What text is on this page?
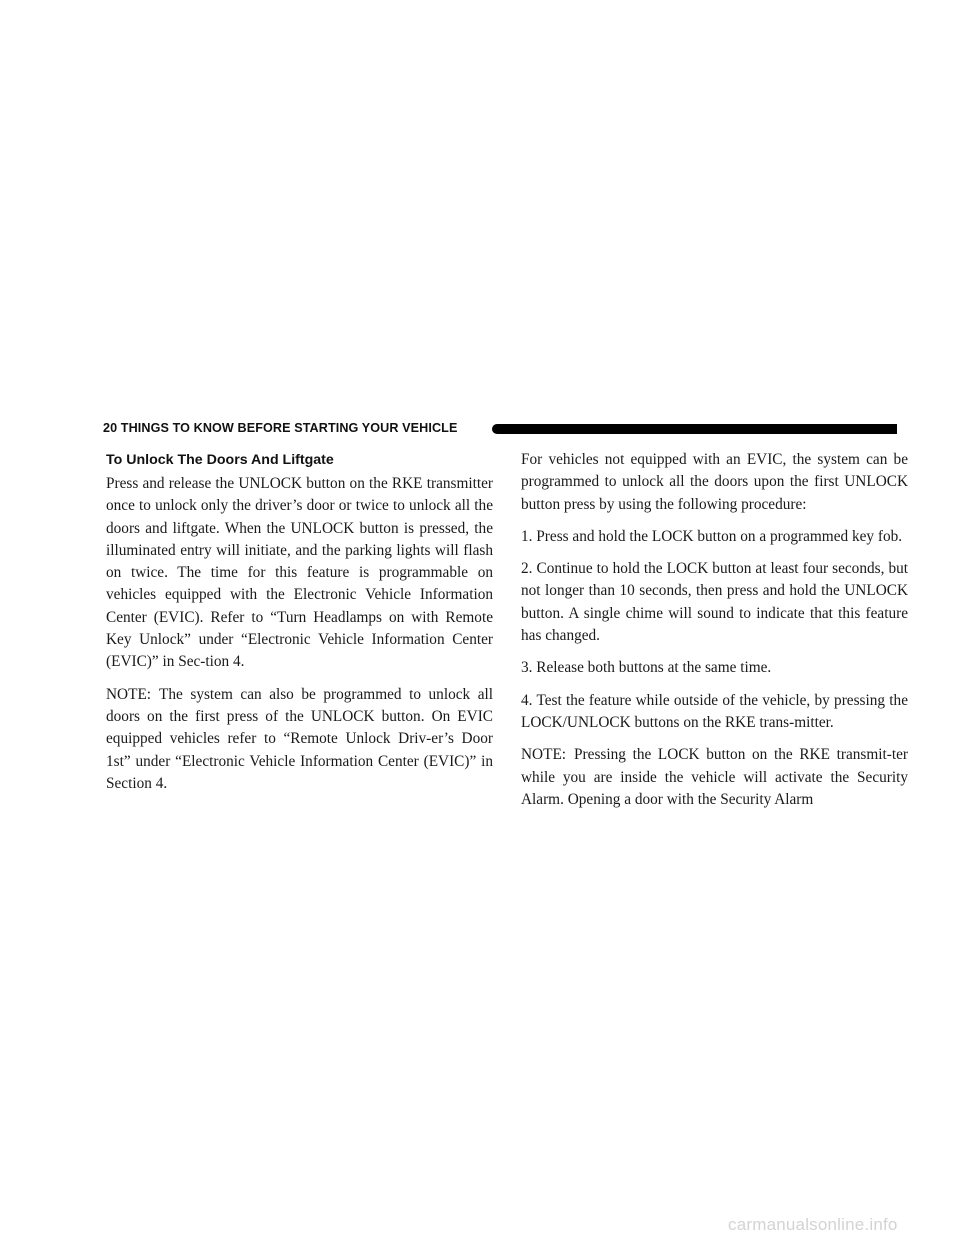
20 THINGS TO KNOW BEFORE STARTING YOUR VEHICLE
To Unlock The Doors And Liftgate

Press and release the UNLOCK button on the RKE transmitter once to unlock only the driver’s door or twice to unlock all the doors and liftgate. When the UNLOCK button is pressed, the illuminated entry will initiate, and the parking lights will flash on twice. The time for this feature is programmable on vehicles equipped with the Electronic Vehicle Information Center (EVIC). Refer to “Turn Headlamps on with Remote Key Unlock” under “Electronic Vehicle Information Center (EVIC)” in Sec-tion 4.

NOTE: The system can also be programmed to unlock all doors on the first press of the UNLOCK button. On EVIC equipped vehicles refer to “Remote Unlock Driv-er’s Door 1st” under “Electronic Vehicle Information Center (EVIC)” in Section 4.

For vehicles not equipped with an EVIC, the system can be programmed to unlock all the doors upon the first UNLOCK button press by using the following procedure:

1. Press and hold the LOCK button on a programmed key fob.

2. Continue to hold the LOCK button at least four seconds, but not longer than 10 seconds, then press and hold the UNLOCK button. A single chime will sound to indicate that this feature has changed.

3. Release both buttons at the same time.

4. Test the feature while outside of the vehicle, by pressing the LOCK/UNLOCK buttons on the RKE trans-mitter.

NOTE: Pressing the LOCK button on the RKE transmit-ter while you are inside the vehicle will activate the Security Alarm. Opening a door with the Security Alarm

carmanualsonline.info
